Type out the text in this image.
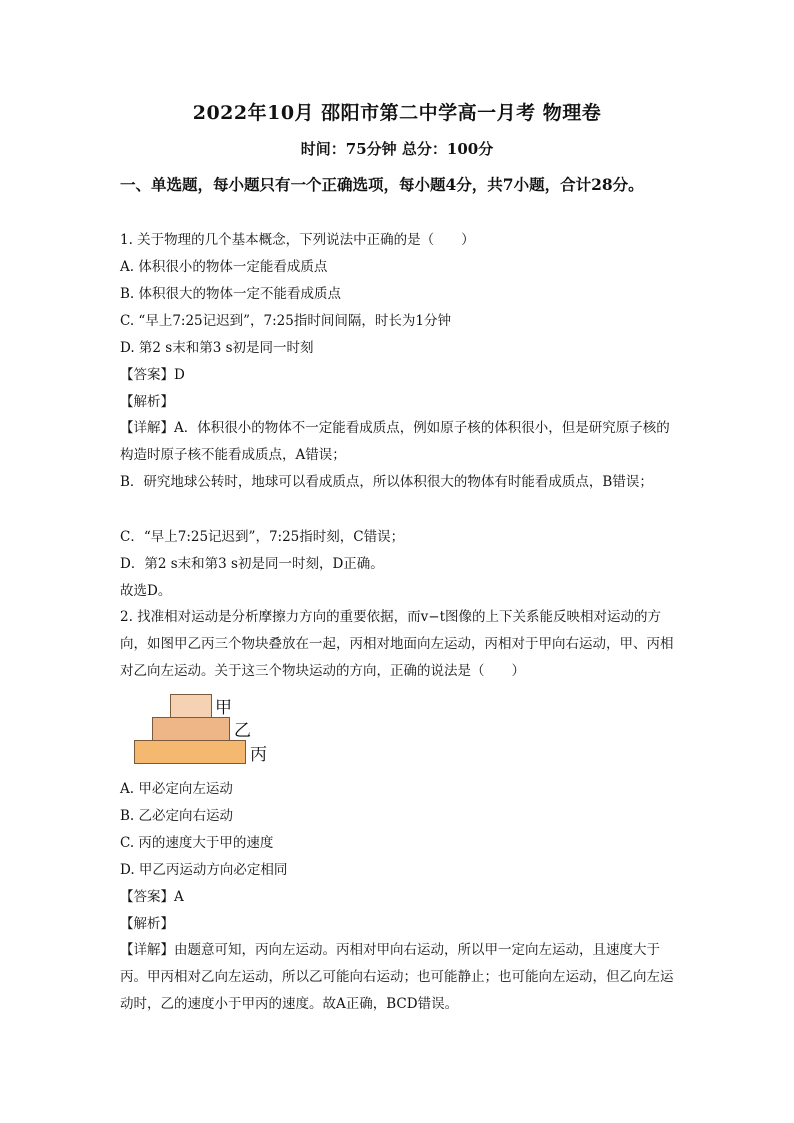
2022年10月 邵阳市第二中学高一月考 物理卷
时间：75分钟 总分：100分
一、单选题，每小题只有一个正确选项，每小题4分，共7小题，合计28分。
1. 关于物理的几个基本概念，下列说法中正确的是（　　）
A. 体积很小的物体一定能看成质点
B. 体积很大的物体一定不能看成质点
C. “早上7:25记迟到”，7:25指时间间隔，时长为1分钟
D. 第2 s末和第3 s初是同一时刻
【答案】D
【解析】
【详解】A．体积很小的物体不一定能看成质点，例如原子核的体积很小，但是研究原子核的构造时原子核不能看成质点，A错误；
B．研究地球公转时，地球可以看成质点，所以体积很大的物体有时能看成质点，B错误；
C．“早上7:25记迟到”，7:25指时刻，C错误；
D．第2 s末和第3 s初是同一时刻，D正确。
故选D。
2. 找准相对运动是分析摩擦力方向的重要依据，而v−t图像的上下关系能反映相对运动的方向，如图甲乙丙三个物块叠放在一起，丙相对地面向左运动，丙相对于甲向右运动，甲、丙相对乙向左运动。关于这三个物块运动的方向，正确的说法是（　　）
甲
乙
丙
A. 甲必定向左运动
B. 乙必定向右运动
C. 丙的速度大于甲的速度
D. 甲乙丙运动方向必定相同
【答案】A
【解析】
【详解】由题意可知，丙向左运动。丙相对甲向右运动，所以甲一定向左运动，且速度大于丙。甲丙相对乙向左运动，所以乙可能向右运动；也可能静止；也可能向左运动，但乙向左运动时，乙的速度小于甲丙的速度。故A正确，BCD错误。
